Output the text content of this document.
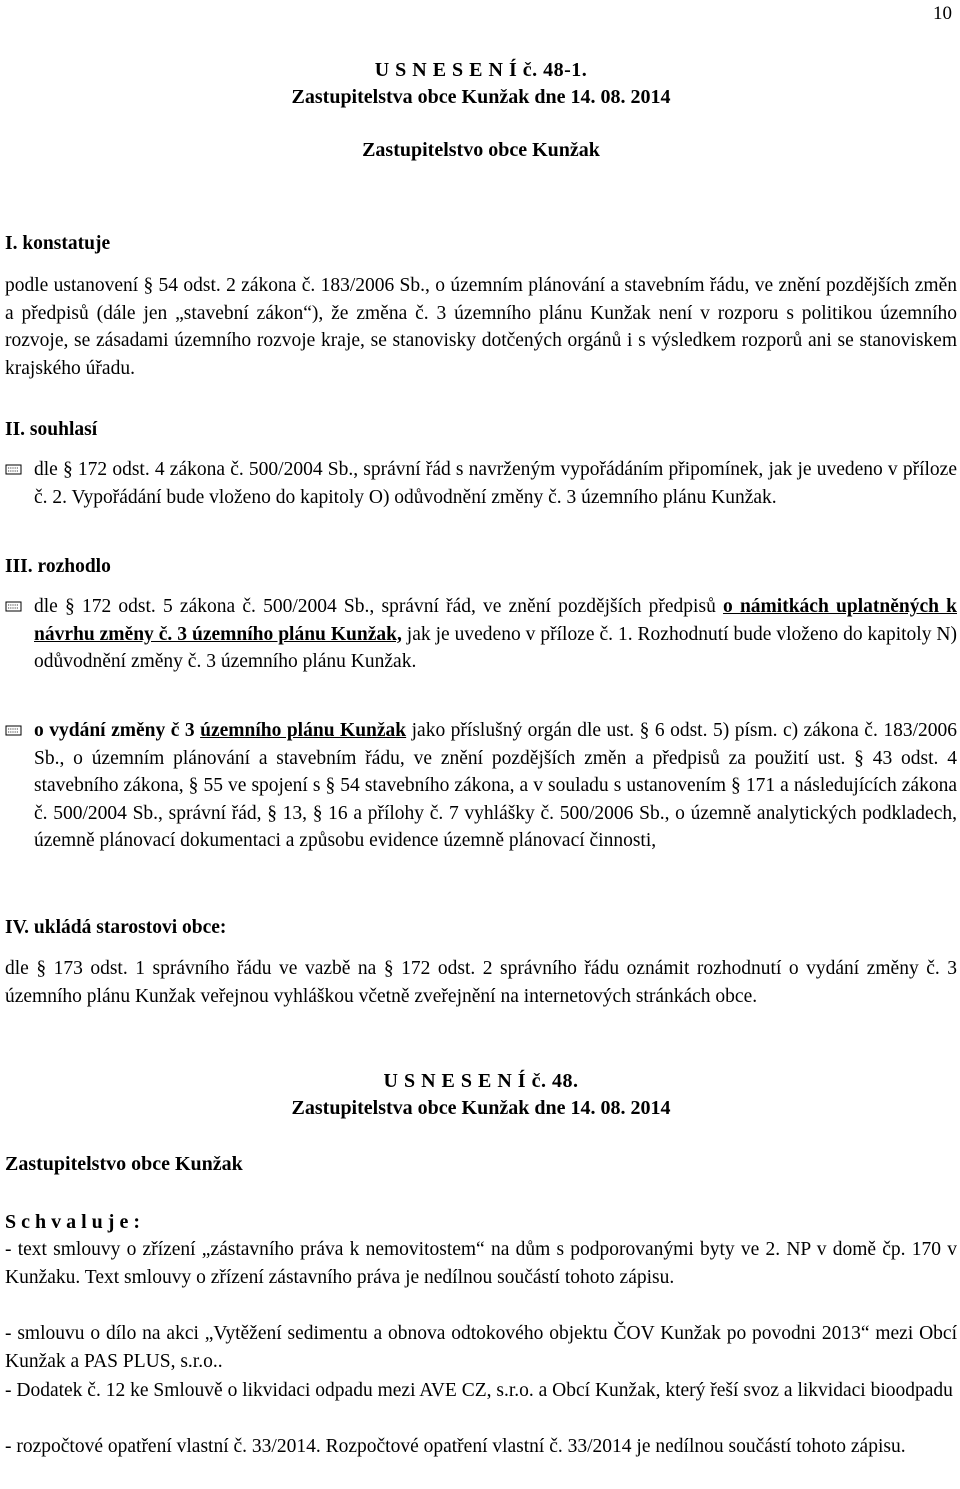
10
U S N E S E N Í č. 48-1.
Zastupitelstva obce Kunžak dne 14. 08. 2014
Zastupitelstvo obce Kunžak
I. konstatuje
podle ustanovení § 54 odst. 2 zákona č. 183/2006 Sb., o územním plánování a stavebním řádu, ve znění pozdějších změn a předpisů (dále jen „stavební zákon“), že změna č. 3 územního plánu Kunžak není v rozporu s politikou územního rozvoje, se zásadami územního rozvoje kraje, se stanovisky dotčených orgánů i s výsledkem rozporů ani se stanoviskem krajského úřadu.
II. souhlasí
dle § 172 odst. 4 zákona č. 500/2004 Sb., správní řád s navrženým vypořádáním připomínek, jak je uvedeno v příloze č. 2. Vypořádání bude vloženo do kapitoly O) odůvodnění změny č. 3 územního plánu Kunžak.
III. rozhodlo
dle § 172 odst. 5 zákona č. 500/2004 Sb., správní řád, ve znění pozdějších předpisů o námitkách uplatněných k návrhu změny č. 3 územního plánu Kunžak, jak je uvedeno v příloze č. 1. Rozhodnutí bude vloženo do kapitoly N) odůvodnění změny č. 3 územního plánu Kunžak.
o vydání změny č 3 územního plánu Kunžak jako příslušný orgán dle ust. § 6 odst. 5) písm. c) zákona č. 183/2006 Sb., o územním plánování a stavebním řádu, ve znění pozdějších změn a předpisů za použití ust. § 43 odst. 4 stavebního zákona, § 55 ve spojení s § 54 stavebního zákona, a v souladu s ustanovením § 171 a následujících zákona č. 500/2004 Sb., správní řád, § 13, § 16 a přílohy č. 7 vyhlášky č. 500/2006 Sb., o územně analytických podkladech, územně plánovací dokumentaci a způsobu evidence územně plánovací činnosti,
IV. ukládá starostovi obce:
dle § 173 odst. 1 správního řádu ve vazbě na § 172 odst. 2 správního řádu oznámit rozhodnutí o vydání změny č. 3 územního plánu Kunžak veřejnou vyhláškou včetně zveřejnění na internetových stránkách obce.
U S N E S E N Í č. 48.
Zastupitelstva obce Kunžak dne 14. 08. 2014
Zastupitelstvo obce Kunžak
S c h v a l u j e :
- text smlouvy o zřízení „zástavního práva k nemovitostem“ na dům s podporovanými byty ve 2. NP v domě čp. 170 v Kunžaku. Text smlouvy o zřízení zástavního práva je nedílnou součástí tohoto zápisu.
- smlouvu o dílo na akci „Vytěžení sedimentu a obnova odtokového objektu ČOV Kunžak po povodni 2013“ mezi Obcí Kunžak a PAS PLUS, s.r.o..
- Dodatek č. 12 ke Smlouvě o likvidaci odpadu mezi AVE CZ, s.r.o. a Obcí Kunžak, který řeší svoz a likvidaci bioodpadu
- rozpočtové opatření vlastní č. 33/2014. Rozpočtové opatření vlastní č. 33/2014 je nedílnou součástí tohoto zápisu.
